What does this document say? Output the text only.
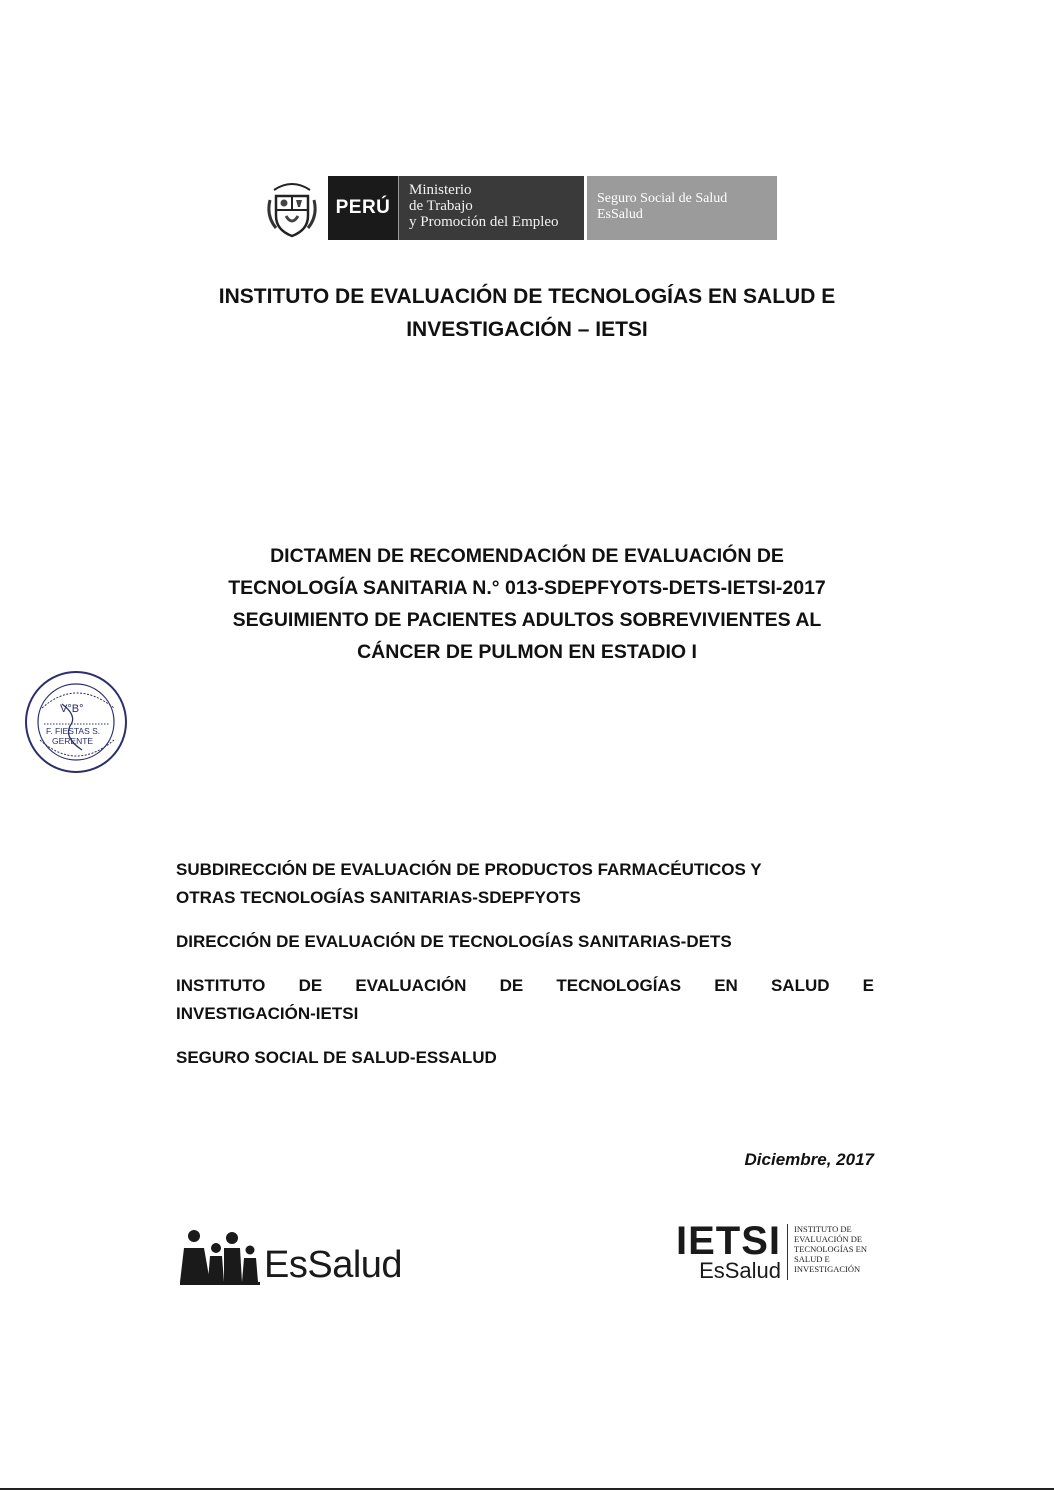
PERÚ
Ministerio
de Trabajo
y Promoción del Empleo
Seguro Social de Salud
EsSalud
INSTITUTO DE EVALUACIÓN DE TECNOLOGÍAS EN SALUD E
INVESTIGACIÓN – IETSI
DICTAMEN DE RECOMENDACIÓN DE EVALUACIÓN DE
TECNOLOGÍA SANITARIA N.° 013-SDEPFYOTS-DETS-IETSI-2017
SEGUIMIENTO DE PACIENTES ADULTOS SOBREVIVIENTES AL
CÁNCER DE PULMON EN ESTADIO I
V°B°
F. FIESTAS S.
GERENTE

SUBDIRECCIÓN DE EVALUACIÓN DE PRODUCTOS FARMACÉUTICOS Y
OTRAS TECNOLOGÍAS SANITARIAS-SDEPFYOTS

DIRECCIÓN DE EVALUACIÓN DE TECNOLOGÍAS SANITARIAS-DETS

INSTITUTO DE EVALUACIÓN DE TECNOLOGÍAS EN SALUD E
INVESTIGACIÓN-IETSI

SEGURO SOCIAL DE SALUD-ESSALUD

Diciembre, 2017
EsSalud
IETSI
EsSalud
INSTITUTO DE
EVALUACIÓN DE
TECNOLOGÍAS EN
SALUD E
INVESTIGACIÓN
